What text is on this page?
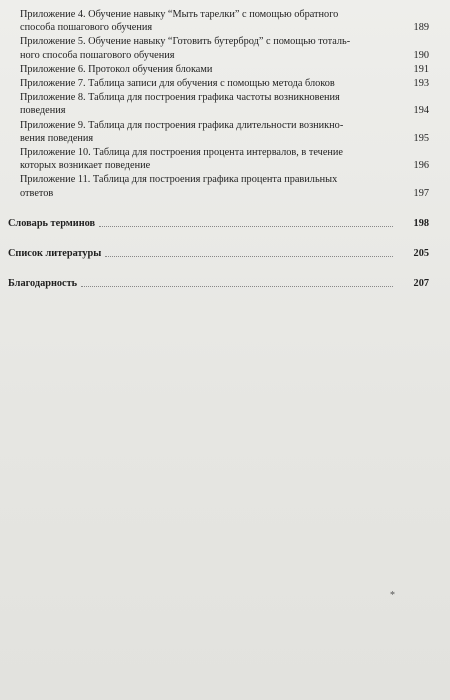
Приложение 4. Обучение навыку “Мыть тарелки” с помощью обратного
способа пошагового обучения	189
Приложение 5. Обучение навыку “Готовить бутерброд” с помощью тоталь-
ного способа пошагового обучения	190
Приложение 6. Протокол обучения блоками	191
Приложение 7. Таблица записи для обучения с помощью метода блоков	193
Приложение 8. Таблица для построения графика частоты возникновения
поведения	194
Приложение 9. Таблица для построения графика длительности возникно-
вения поведения	195
Приложение 10. Таблица для построения процента интервалов, в течение
которых возникает поведение	196
Приложение 11. Таблица для построения графика процента правильных
ответов	197
Словарь терминов	198
Список литературы	205
Благодарность	207
*
